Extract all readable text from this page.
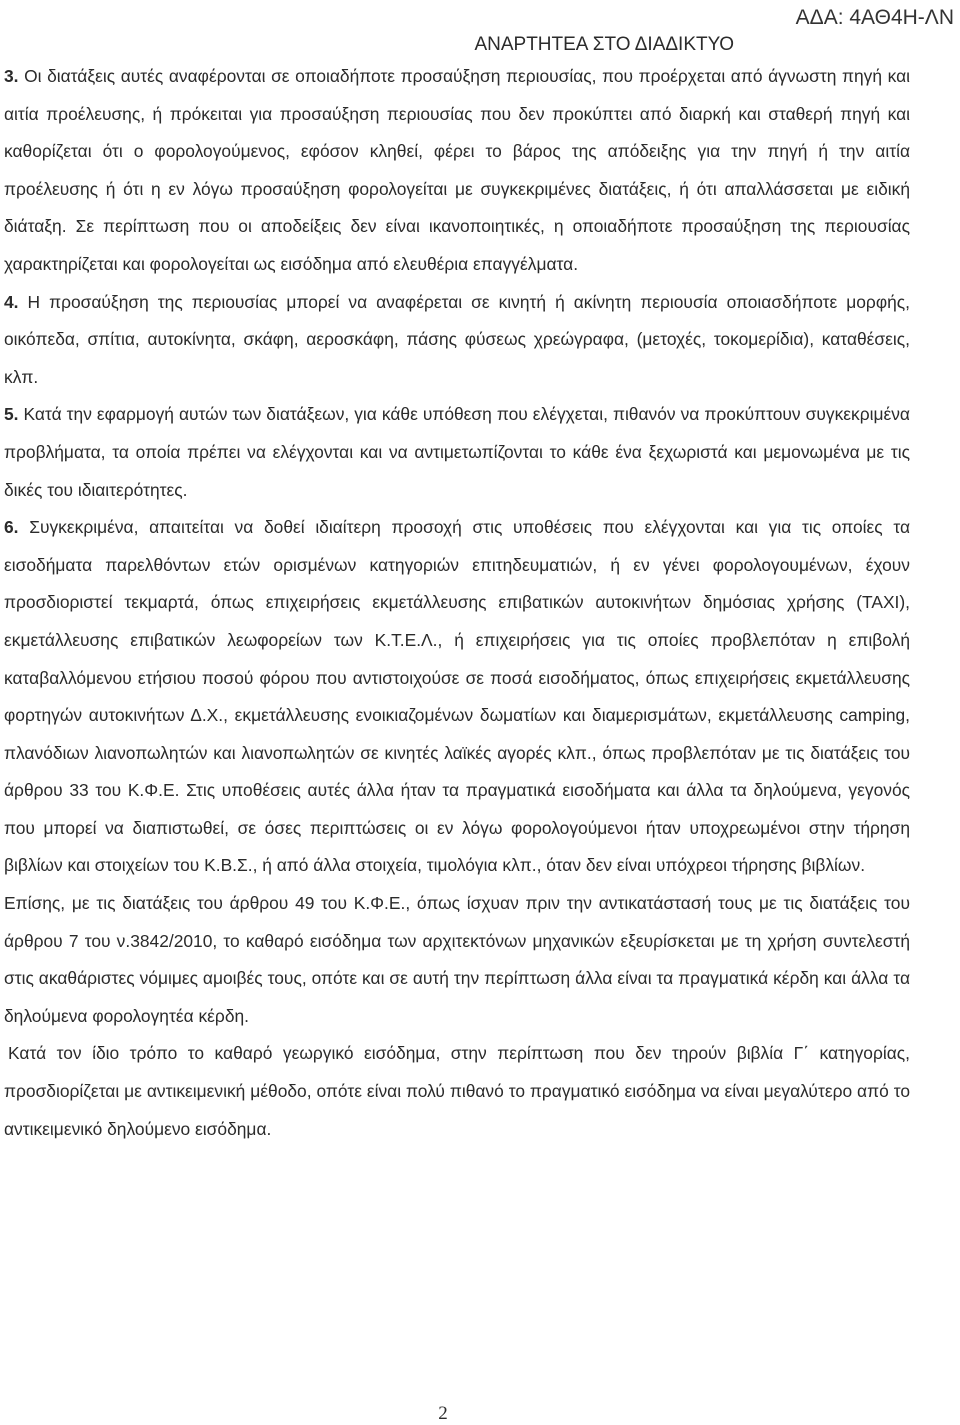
ΑΔΑ: 4ΑΘ4Η-ΛΝ
ΑΝΑΡΤΗΤΕΑ ΣΤΟ ΔΙΑΔΙΚΤΥΟ

3. Οι διατάξεις αυτές αναφέρονται σε οποιαδήποτε προσαύξηση περιουσίας, που προέρχεται από άγνωστη πηγή και αιτία προέλευσης, ή πρόκειται για προσαύξηση περιουσίας που δεν προκύπτει από διαρκή και σταθερή πηγή και καθορίζεται ότι ο φορολογούμενος, εφόσον κληθεί, φέρει το βάρος της απόδειξης για την πηγή ή την αιτία προέλευσης ή ότι η εν λόγω προσαύξηση φορολογείται με συγκεκριμένες διατάξεις, ή ότι απαλλάσσεται με ειδική διάταξη. Σε περίπτωση που οι αποδείξεις δεν είναι ικανοποιητικές, η οποιαδήποτε προσαύξηση της περιουσίας χαρακτηρίζεται και φορολογείται ως εισόδημα από ελευθέρια επαγγέλματα.

4. Η προσαύξηση της περιουσίας μπορεί να αναφέρεται σε κινητή ή ακίνητη περιουσία οποιασδήποτε μορφής, οικόπεδα, σπίτια, αυτοκίνητα, σκάφη, αεροσκάφη, πάσης φύσεως χρεώγραφα, (μετοχές, τοκομερίδια), καταθέσεις, κλπ.

5. Κατά την εφαρμογή αυτών των διατάξεων, για κάθε υπόθεση που ελέγχεται, πιθανόν να προκύπτουν συγκεκριμένα προβλήματα, τα οποία πρέπει να ελέγχονται και να αντιμετωπίζονται το κάθε ένα ξεχωριστά και μεμονωμένα με τις δικές του ιδιαιτερότητες.

6. Συγκεκριμένα, απαιτείται να δοθεί ιδιαίτερη προσοχή στις υποθέσεις που ελέγχονται και για τις οποίες τα εισοδήματα παρελθόντων ετών ορισμένων κατηγοριών επιτηδευματιών, ή εν γένει φορολογουμένων, έχουν προσδιοριστεί τεκμαρτά, όπως επιχειρήσεις εκμετάλλευσης επιβατικών αυτοκινήτων δημόσιας χρήσης (ΤΑΧΙ), εκμετάλλευσης επιβατικών λεωφορείων των Κ.Τ.Ε.Λ., ή επιχειρήσεις για τις οποίες προβλεπόταν η επιβολή καταβαλλόμενου ετήσιου ποσού φόρου που αντιστοιχούσε σε ποσά εισοδήματος, όπως επιχειρήσεις εκμετάλλευσης φορτηγών αυτοκινήτων Δ.Χ., εκμετάλλευσης ενοικιαζομένων δωματίων και διαμερισμάτων, εκμετάλλευσης camping, πλανόδιων λιανοπωλητών και λιανοπωλητών σε κινητές λαϊκές αγορές κλπ., όπως προβλεπόταν με τις διατάξεις του άρθρου 33 του Κ.Φ.Ε. Στις υποθέσεις αυτές άλλα ήταν τα πραγματικά εισοδήματα και άλλα τα δηλούμενα, γεγονός που μπορεί να διαπιστωθεί, σε όσες περιπτώσεις οι εν λόγω φορολογούμενοι ήταν υποχρεωμένοι στην τήρηση βιβλίων και στοιχείων του Κ.Β.Σ., ή από άλλα στοιχεία, τιμολόγια κλπ., όταν δεν είναι υπόχρεοι τήρησης βιβλίων.

Επίσης, με τις διατάξεις του άρθρου 49 του Κ.Φ.Ε., όπως ίσχυαν πριν την αντικατάστασή τους με τις διατάξεις του άρθρου 7 του ν.3842/2010, το καθαρό εισόδημα των αρχιτεκτόνων μηχανικών εξευρίσκεται με τη χρήση συντελεστή στις ακαθάριστες νόμιμες αμοιβές τους, οπότε και σε αυτή την περίπτωση άλλα είναι τα πραγματικά κέρδη και άλλα τα δηλούμενα φορολογητέα κέρδη.

Κατά τον ίδιο τρόπο το καθαρό γεωργικό εισόδημα, στην περίπτωση που δεν τηρούν βιβλία Γ΄ κατηγορίας, προσδιορίζεται με αντικειμενική μέθοδο, οπότε είναι πολύ πιθανό το πραγματικό εισόδημα να είναι μεγαλύτερο από το αντικειμενικό δηλούμενο εισόδημα.

2
